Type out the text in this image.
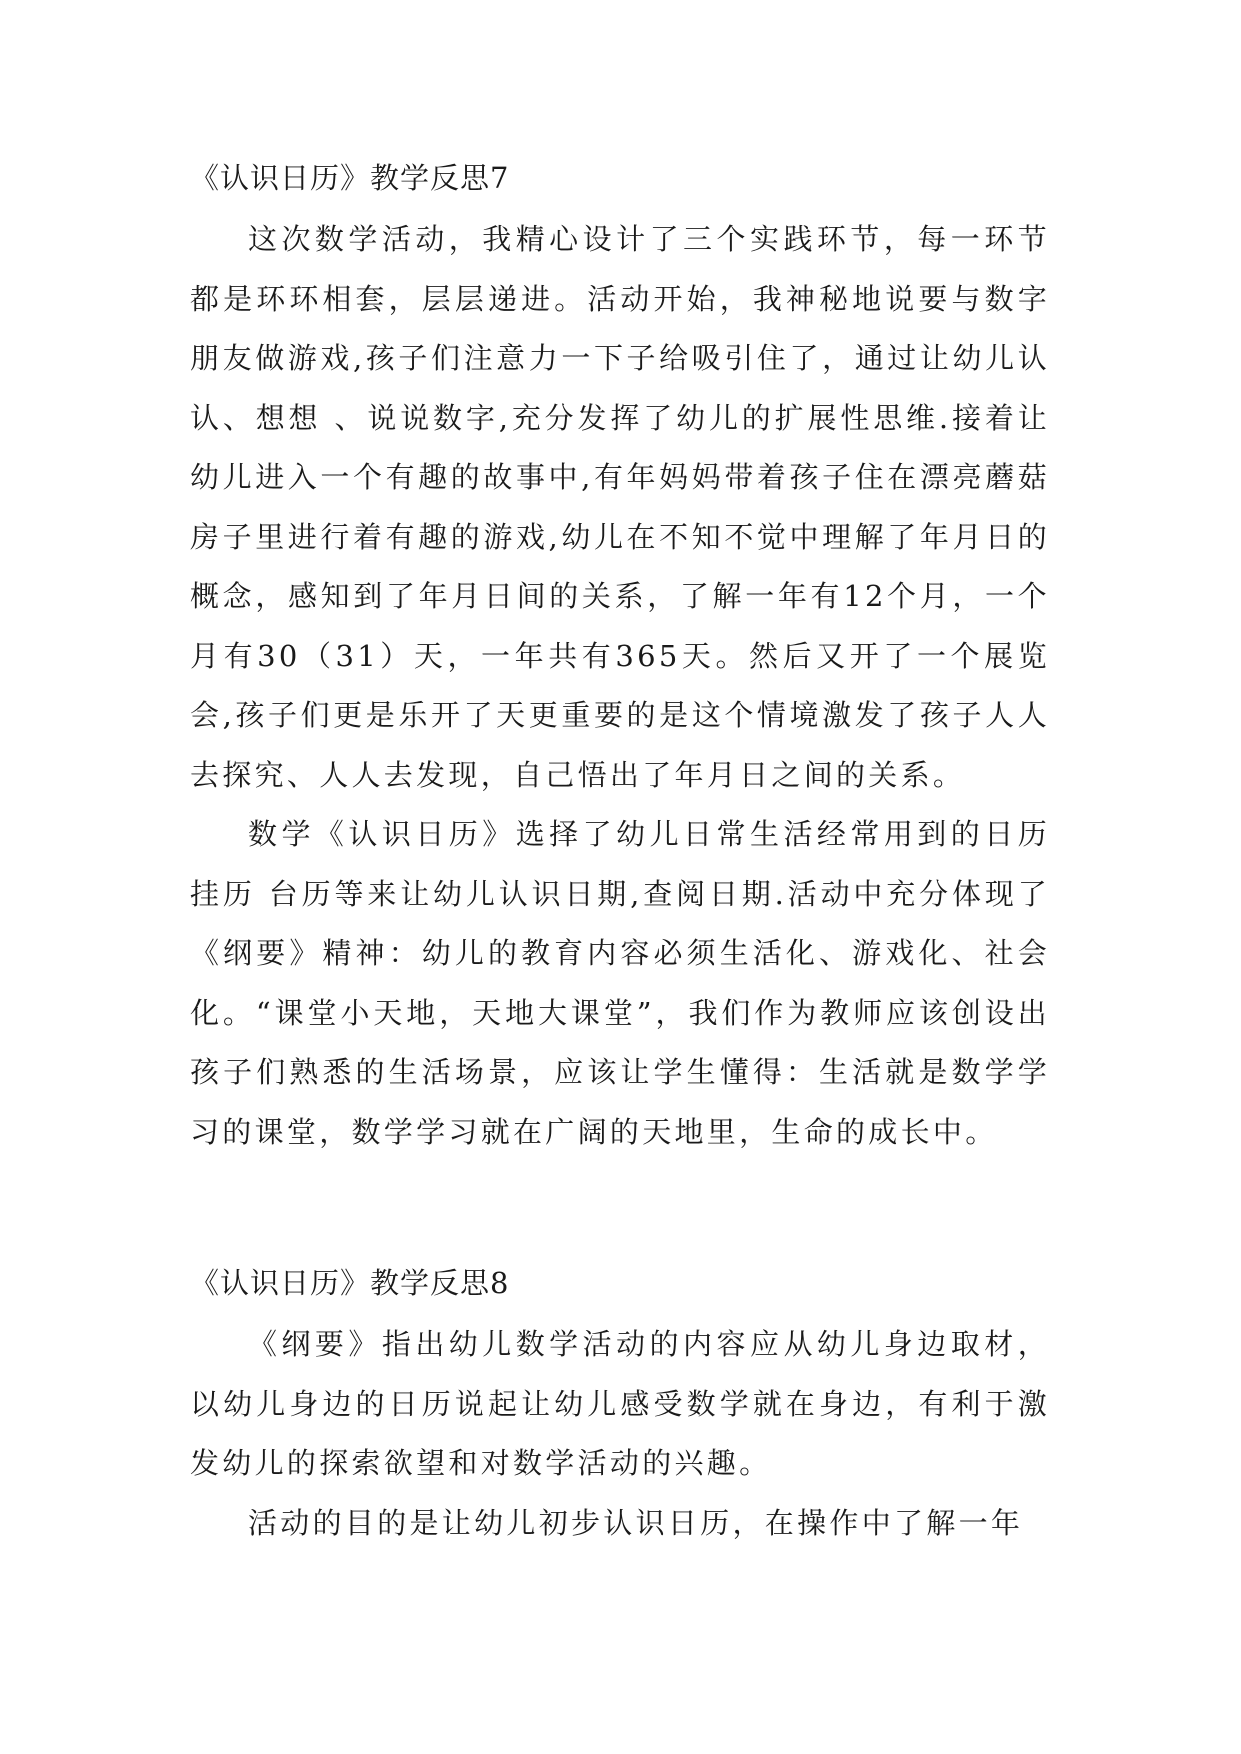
《认识日历》教学反思7

这次数学活动，我精心设计了三个实践环节，每一环节都是环环相套，层层递进。活动开始，我神秘地说要与数字朋友做游戏,孩子们注意力一下子给吸引住了，通过让幼儿认认、想想 、说说数字,充分发挥了幼儿的扩展性思维.接着让幼儿进入一个有趣的故事中,有年妈妈带着孩子住在漂亮蘑菇房子里进行着有趣的游戏,幼儿在不知不觉中理解了年月日的概念，感知到了年月日间的关系，了解一年有12个月，一个月有30（31）天，一年共有365天。然后又开了一个展览会,孩子们更是乐开了天更重要的是这个情境激发了孩子人人去探究、人人去发现，自己悟出了年月日之间的关系。

数学《认识日历》选择了幼儿日常生活经常用到的日历挂历 台历等来让幼儿认识日期,查阅日期.活动中充分体现了《纲要》精神：幼儿的教育内容必须生活化、游戏化、社会化。“课堂小天地，天地大课堂”，我们作为教师应该创设出孩子们熟悉的生活场景，应该让学生懂得：生活就是数学学习的课堂，数学学习就在广阔的天地里，生命的成长中。

《认识日历》教学反思8

《纲要》指出幼儿数学活动的内容应从幼儿身边取材，以幼儿身边的日历说起让幼儿感受数学就在身边，有利于激发幼儿的探索欲望和对数学活动的兴趣。

活动的目的是让幼儿初步认识日历，在操作中了解一年
